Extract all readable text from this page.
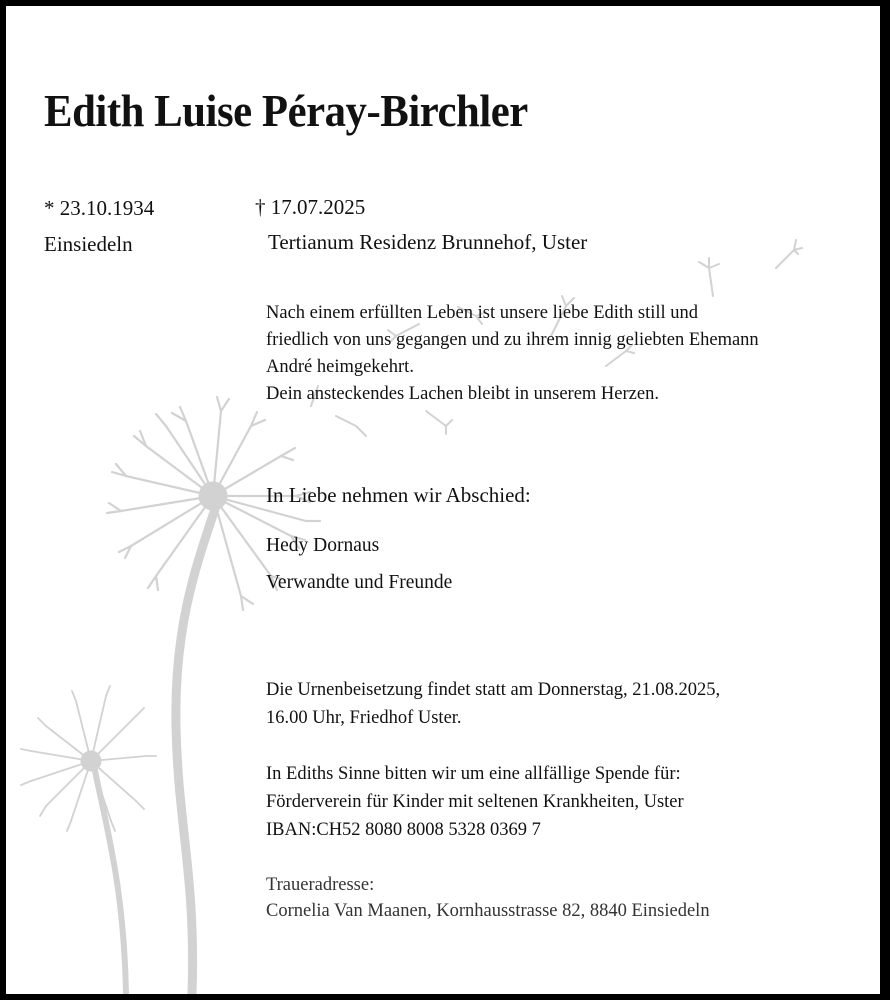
Edith Luise Péray-Birchler
* 23.10.1934
Einsiedeln
† 17.07.2025
Tertianum Residenz Brunnehof, Uster
Nach einem erfüllten Leben ist unsere liebe Edith still und
friedlich von uns gegangen und zu ihrem innig geliebten Ehemann
André heimgekehrt.
Dein ansteckendes Lachen bleibt in unserem Herzen.
In Liebe nehmen wir Abschied:
Hedy Dornaus
Verwandte und Freunde
Die Urnenbeisetzung findet statt am Donnerstag, 21.08.2025,
16.00 Uhr, Friedhof Uster.
In Ediths Sinne bitten wir um eine allfällige Spende für:
Förderverein für Kinder mit seltenen Krankheiten, Uster
IBAN:CH52 8080 8008 5328 0369 7
Traueradresse:
Cornelia Van Maanen, Kornhausstrasse 82, 8840 Einsiedeln
